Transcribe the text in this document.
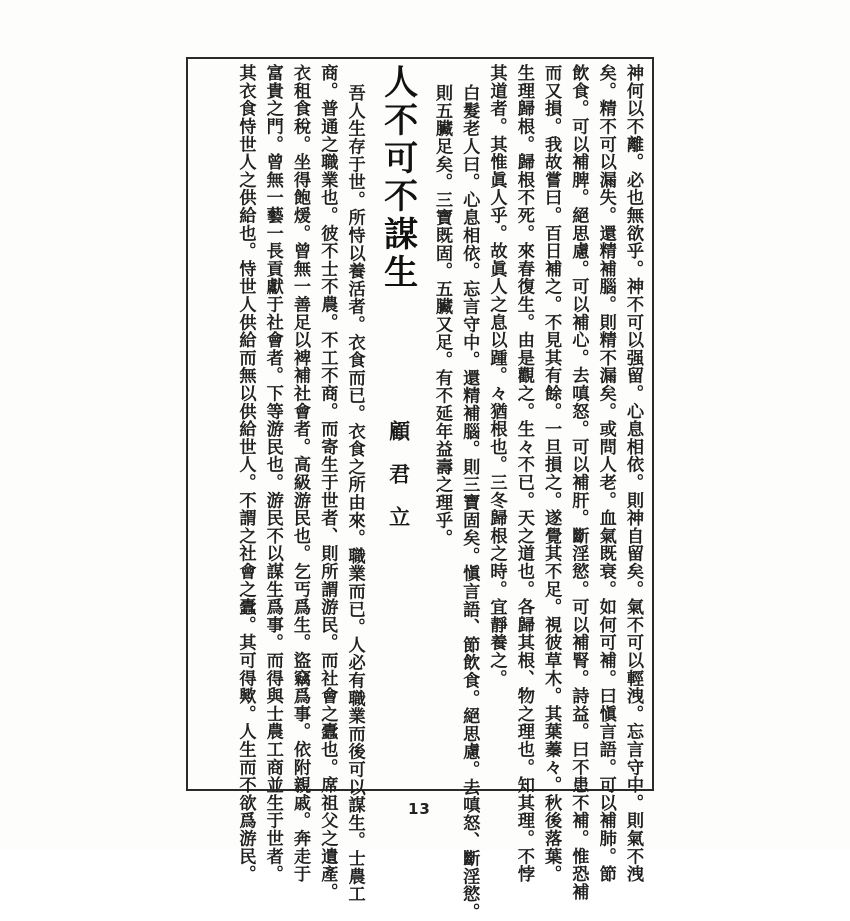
神何以不離。必也無欲乎。神不可以强留。心息相依。則神自留矣。氣不可以輕洩。忘言守中。則氣不洩
矣。精不可以漏失。還精補腦。則精不漏矣。或問人老。血氣既衰。如何可補。曰愼言語。可以補肺。節
飲食。可以補脾。絕思慮。可以補心。去嗔怒。可以補肝。斷淫慾。可以補腎。詩益。曰不患不補。惟恐補
而又損。我故嘗曰。百日補之。不見其有餘。一旦損之。遂覺其不足。視彼草木。其葉蓁々。秋後落葉。
生理歸根。歸根不死。來春復生。由是觀之。生々不已。天之道也。各歸其根、物之理也。知其理。不悖
其道者。其惟眞人乎。故眞人之息以踵。々猶根也。三冬歸根之時。宜靜養之。
白髮老人曰。心息相依。忘言守中。還精補腦。則三寶固矣。愼言語、節飲食。絕思慮。去嗔怒、斷淫慾。
則五臟足矣。三寶既固。五臟又足。有不延年益壽之理乎。
人不可不謀生
顧君立
吾人生存于世。所恃以養活者。衣食而已。衣食之所由來。職業而已。人必有職業而後可以謀生。士農工
商。普通之職業也。彼不士不農。不工不商。而寄生于世者、則所謂游民。而社會之蠹也。席祖父之遺產。
衣租食稅。坐得飽煖。曾無一善足以裨補社會者。高級游民也。乞丐爲生。盜竊爲事。依附親戚。奔走于
富貴之門。曾無一藝一長貢獻于社會者。下等游民也。游民不以謀生爲事。而得與士農工商並生于世者。
其衣食恃世人之供給也。恃世人供給而無以供給世人。不謂之社會之蠹。其可得歟。人生而不欲爲游民。	13
